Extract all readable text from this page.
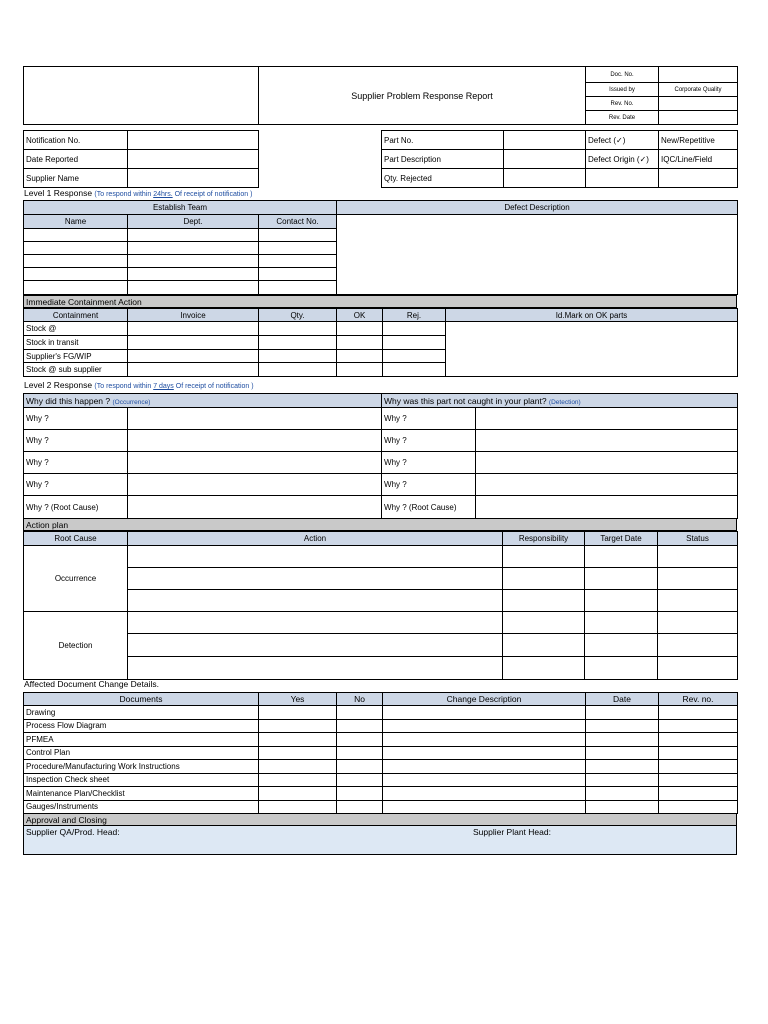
	Supplier Problem Response Report	Doc. No.	
		Issued by	Corporate Quality
		Rev. No.	
		Rev. Date	
Notification No.	
Date Reported	
Supplier Name	
Part No.		Defect (✓)	New/Repetitive
Part Description		Defect Origin (✓)	IQC/Line/Field
Qty. Rejected			
Level 1 Response (To respond within 24hrs. Of receipt of notification )
Establish Team			Defect Description
Name	Dept.	Contact No.	

Immediate Containment Action
Containment	Invoice	Qty.	OK	Rej.	Id.Mark on OK parts
Stock @					
Stock in transit					
Supplier's FG/WIP					
Stock @ sub supplier					
Level 2 Response (To respond within 7 days Of receipt of notification )
Why did this happen ? (Occurrence)		Why was this part not caught in your plant? (Detection)	
Why ?		Why ?	
Why ?		Why ?	
Why ?		Why ?	
Why ?		Why ?	
Why ? (Root Cause)		Why ? (Root Cause)	
Action plan
Root Cause	Action	Responsibility	Target Date	Status
Occurrence				

Detection				

Affected Document Change Details.
Documents	Yes	No	Change Description	Date	Rev. no.
Drawing					
Process Flow Diagram					
PFMEA					
Control Plan					
Procedure/Manufacturing Work Instructions					
Inspection Check sheet					
Maintenance Plan/Checklist					
Gauges/Instruments					
Approval and Closing
Supplier QA/Prod. Head:	Supplier Plant Head:
